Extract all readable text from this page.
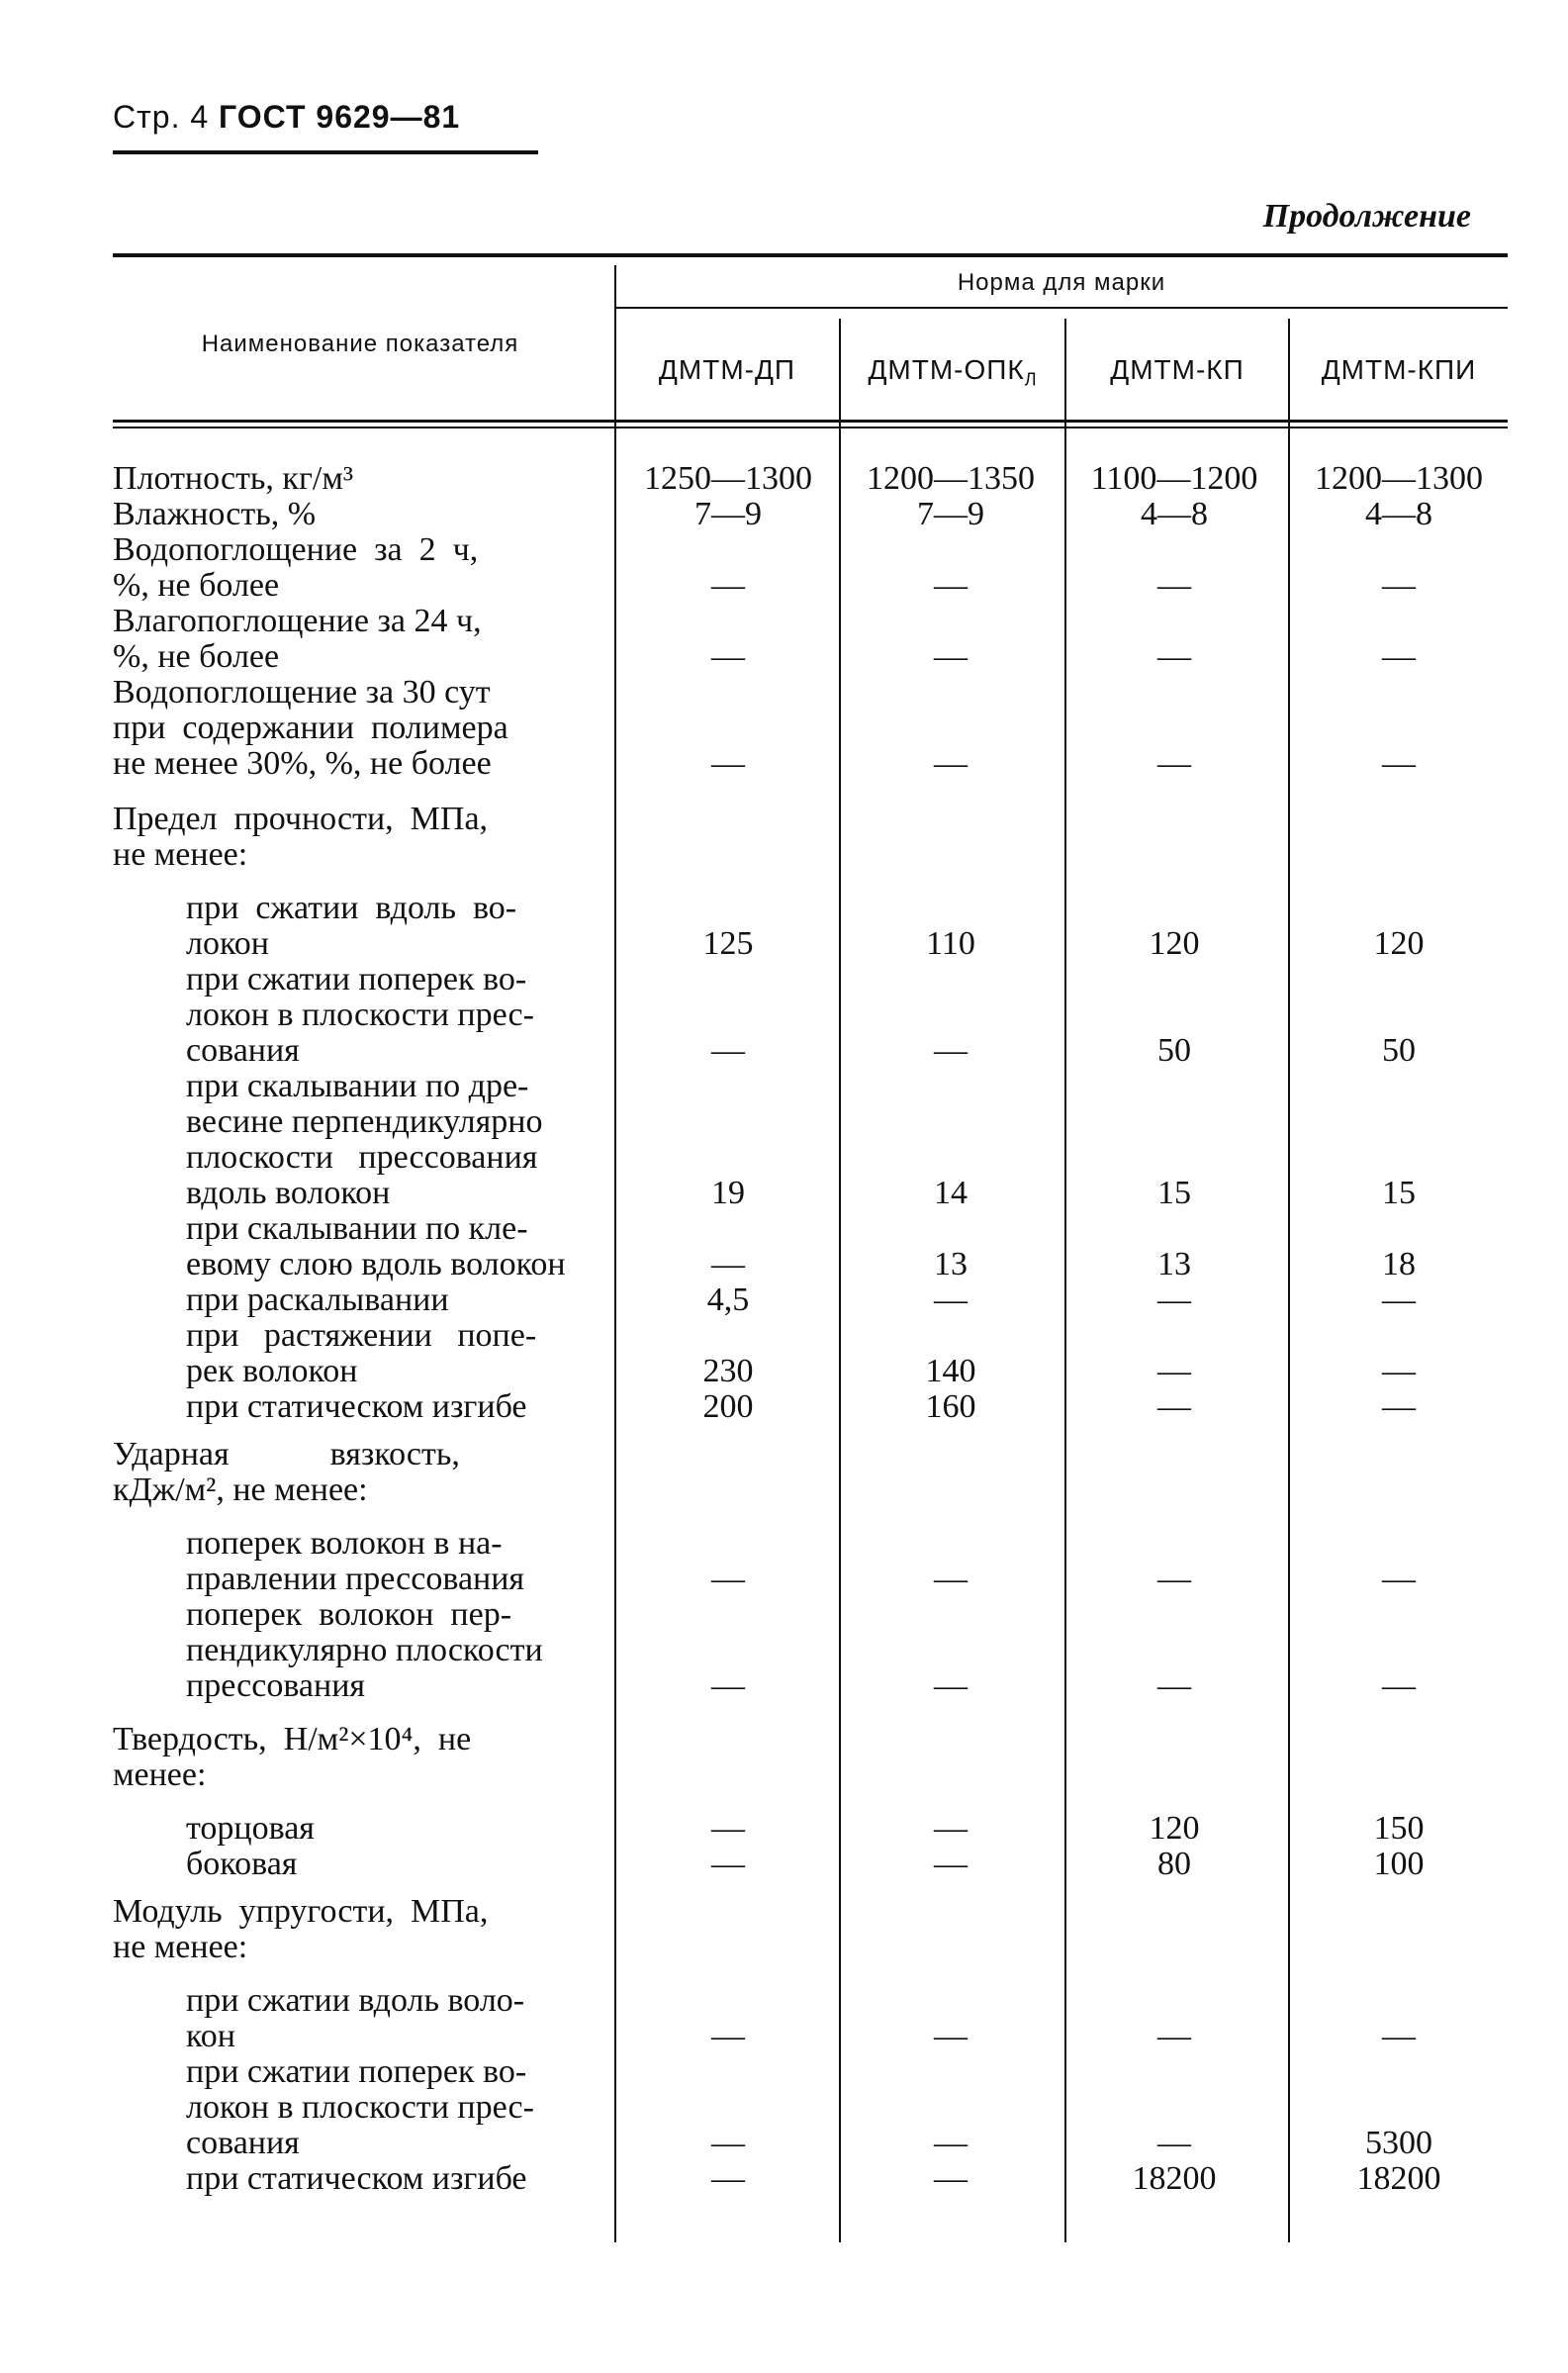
Стр. 4 ГОСТ 9629—81
Продолжение
Наименование показателя
Норма для марки
ДМТМ-ДП	ДМТМ-$ОПК_Л$	ДМТМ-КП	ДМТМ-КПИ
Плотность, кг/м³	1250—1300	1200—1350	1100—1200	1200—1300
Влажность, %	7—9	7—9	4—8	4—8
Водопоглощение  за  2  ч,
%, не более	—	—	—	—
Влагопоглощение за 24 ч,
%, не более	—	—	—	—
Водопоглощение за 30 сут
при  содержании  полимера
не менее 30%, %, не более	—	—	—	—
Предел  прочности,  МПа,
не менее:
при  сжатии  вдоль  во-
локон	125	110	120	120
при сжатии поперек во-
локон в плоскости прес-
сования	—	—	50	50
при скалывании по дре-
весине перпендикулярно
плоскости   прессования
вдоль волокон	19	14	15	15
при скалывании по кле-
евому слою вдоль волокон	—	13	13	18
при раскалывании	4,5	—	—	—
при   растяжении   попе-
рек волокон	230	140	—	—
при статическом изгибе	200	160	—	—
Ударная            вязкость,
кДж/м², не менее:
поперек волокон в на-
правлении прессования	—	—	—	—
поперек  волокон  пер-
пендикулярно плоскости
прессования	—	—	—	—
Твердость,  Н/м²×10⁴,  не
менее:
торцовая	—	—	120	150
боковая	—	—	80	100
Модуль  упругости,  МПа,
не менее:
при сжатии вдоль воло-
кон	—	—	—	—
при сжатии поперек во-
локон в плоскости прес-
сования	—	—	—	5300
при статическом изгибе	—	—	18200	18200
